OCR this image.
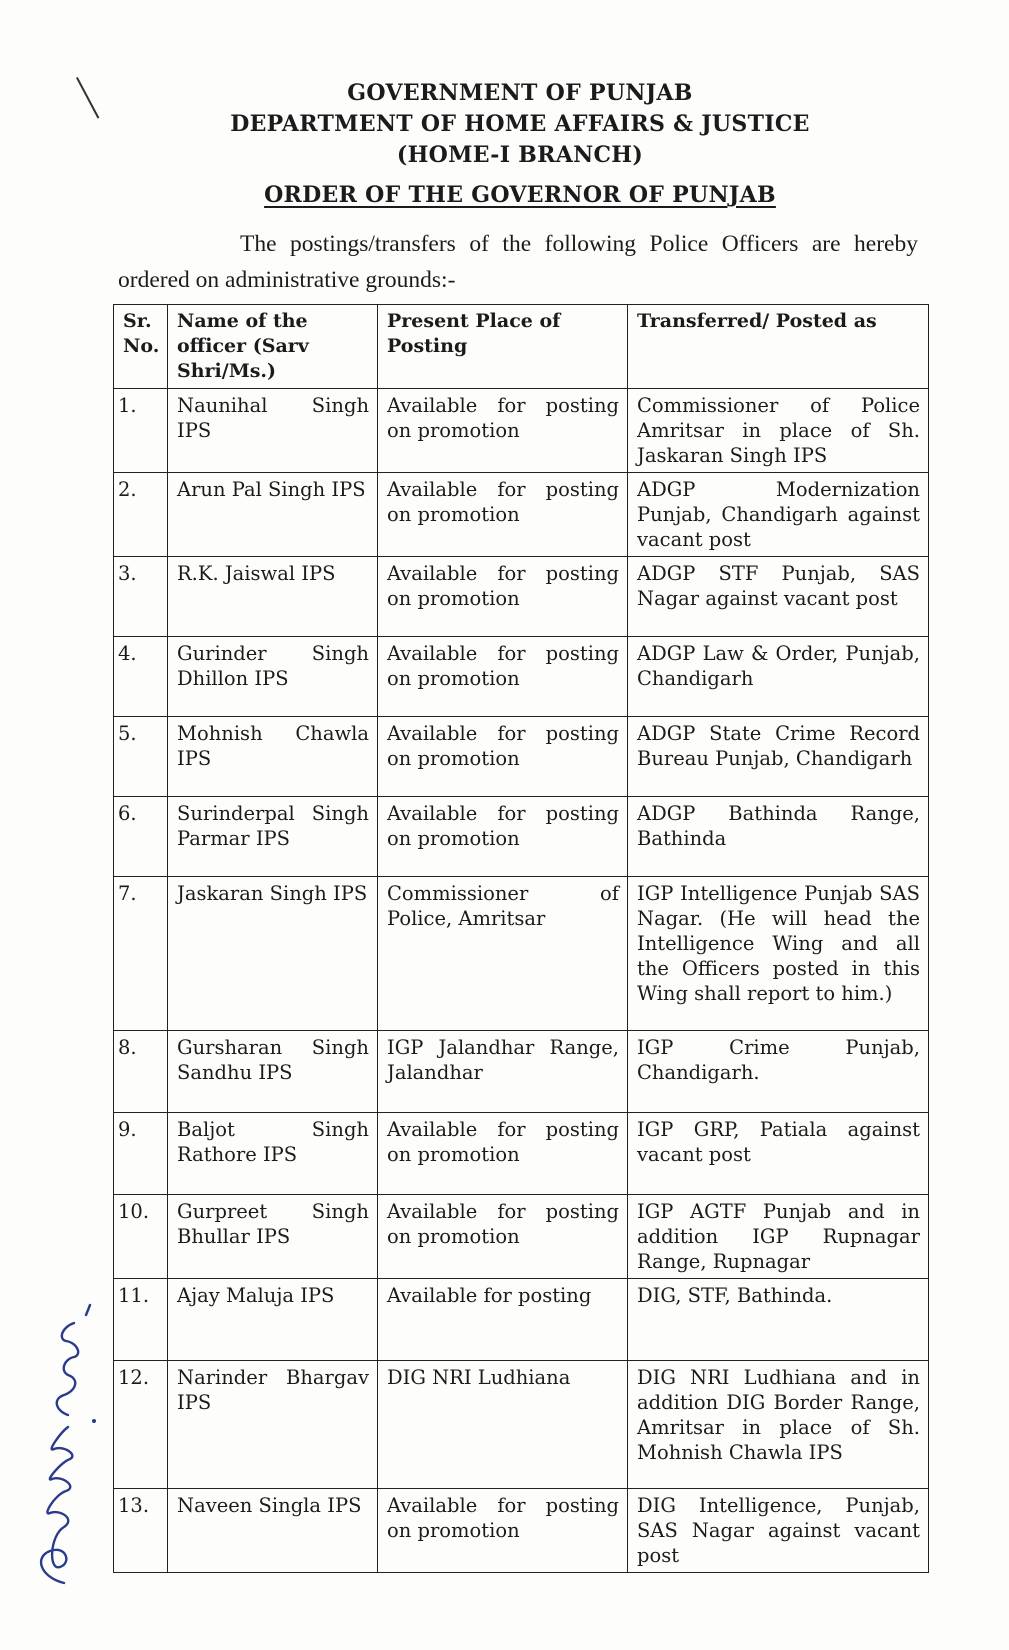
GOVERNMENT OF PUNJAB
DEPARTMENT OF HOME AFFAIRS & JUSTICE
(HOME-I BRANCH)
ORDER OF THE GOVERNOR OF PUNJAB
The postings/transfers of the following Police Officers are hereby ordered on administrative grounds:-
Sr. No.	Name of the officer (Sarv Shri/Ms.)	Present Place of Posting	Transferred/ Posted as
1.	Naunihal Singh IPS	Available for posting on promotion	Commissioner of Police Amritsar in place of Sh. Jaskaran Singh IPS
2.	Arun Pal Singh IPS	Available for posting on promotion	ADGP Modernization Punjab, Chandigarh against vacant post
3.	R.K. Jaiswal IPS	Available for posting on promotion	ADGP STF Punjab, SAS Nagar against vacant post
4.	Gurinder Singh Dhillon IPS	Available for posting on promotion	ADGP Law & Order, Punjab, Chandigarh
5.	Mohnish Chawla IPS	Available for posting on promotion	ADGP State Crime Record Bureau Punjab, Chandigarh
6.	Surinderpal Singh Parmar IPS	Available for posting on promotion	ADGP Bathinda Range, Bathinda
7.	Jaskaran Singh IPS	Commissioner of Police, Amritsar	IGP Intelligence Punjab SAS Nagar. (He will head the Intelligence Wing and all the Officers posted in this Wing shall report to him.)
8.	Gursharan Singh Sandhu IPS	IGP Jalandhar Range, Jalandhar	IGP Crime Punjab, Chandigarh.
9.	Baljot Singh Rathore IPS	Available for posting on promotion	IGP GRP, Patiala against vacant post
10.	Gurpreet Singh Bhullar IPS	Available for posting on promotion	IGP AGTF Punjab and in addition IGP Rupnagar Range, Rupnagar
11.	Ajay Maluja IPS	Available for posting	DIG, STF, Bathinda.
12.	Narinder Bhargav IPS	DIG NRI Ludhiana	DIG NRI Ludhiana and in addition DIG Border Range, Amritsar in place of Sh. Mohnish Chawla IPS
13.	Naveen Singla IPS	Available for posting on promotion	DIG Intelligence, Punjab, SAS Nagar against vacant post
